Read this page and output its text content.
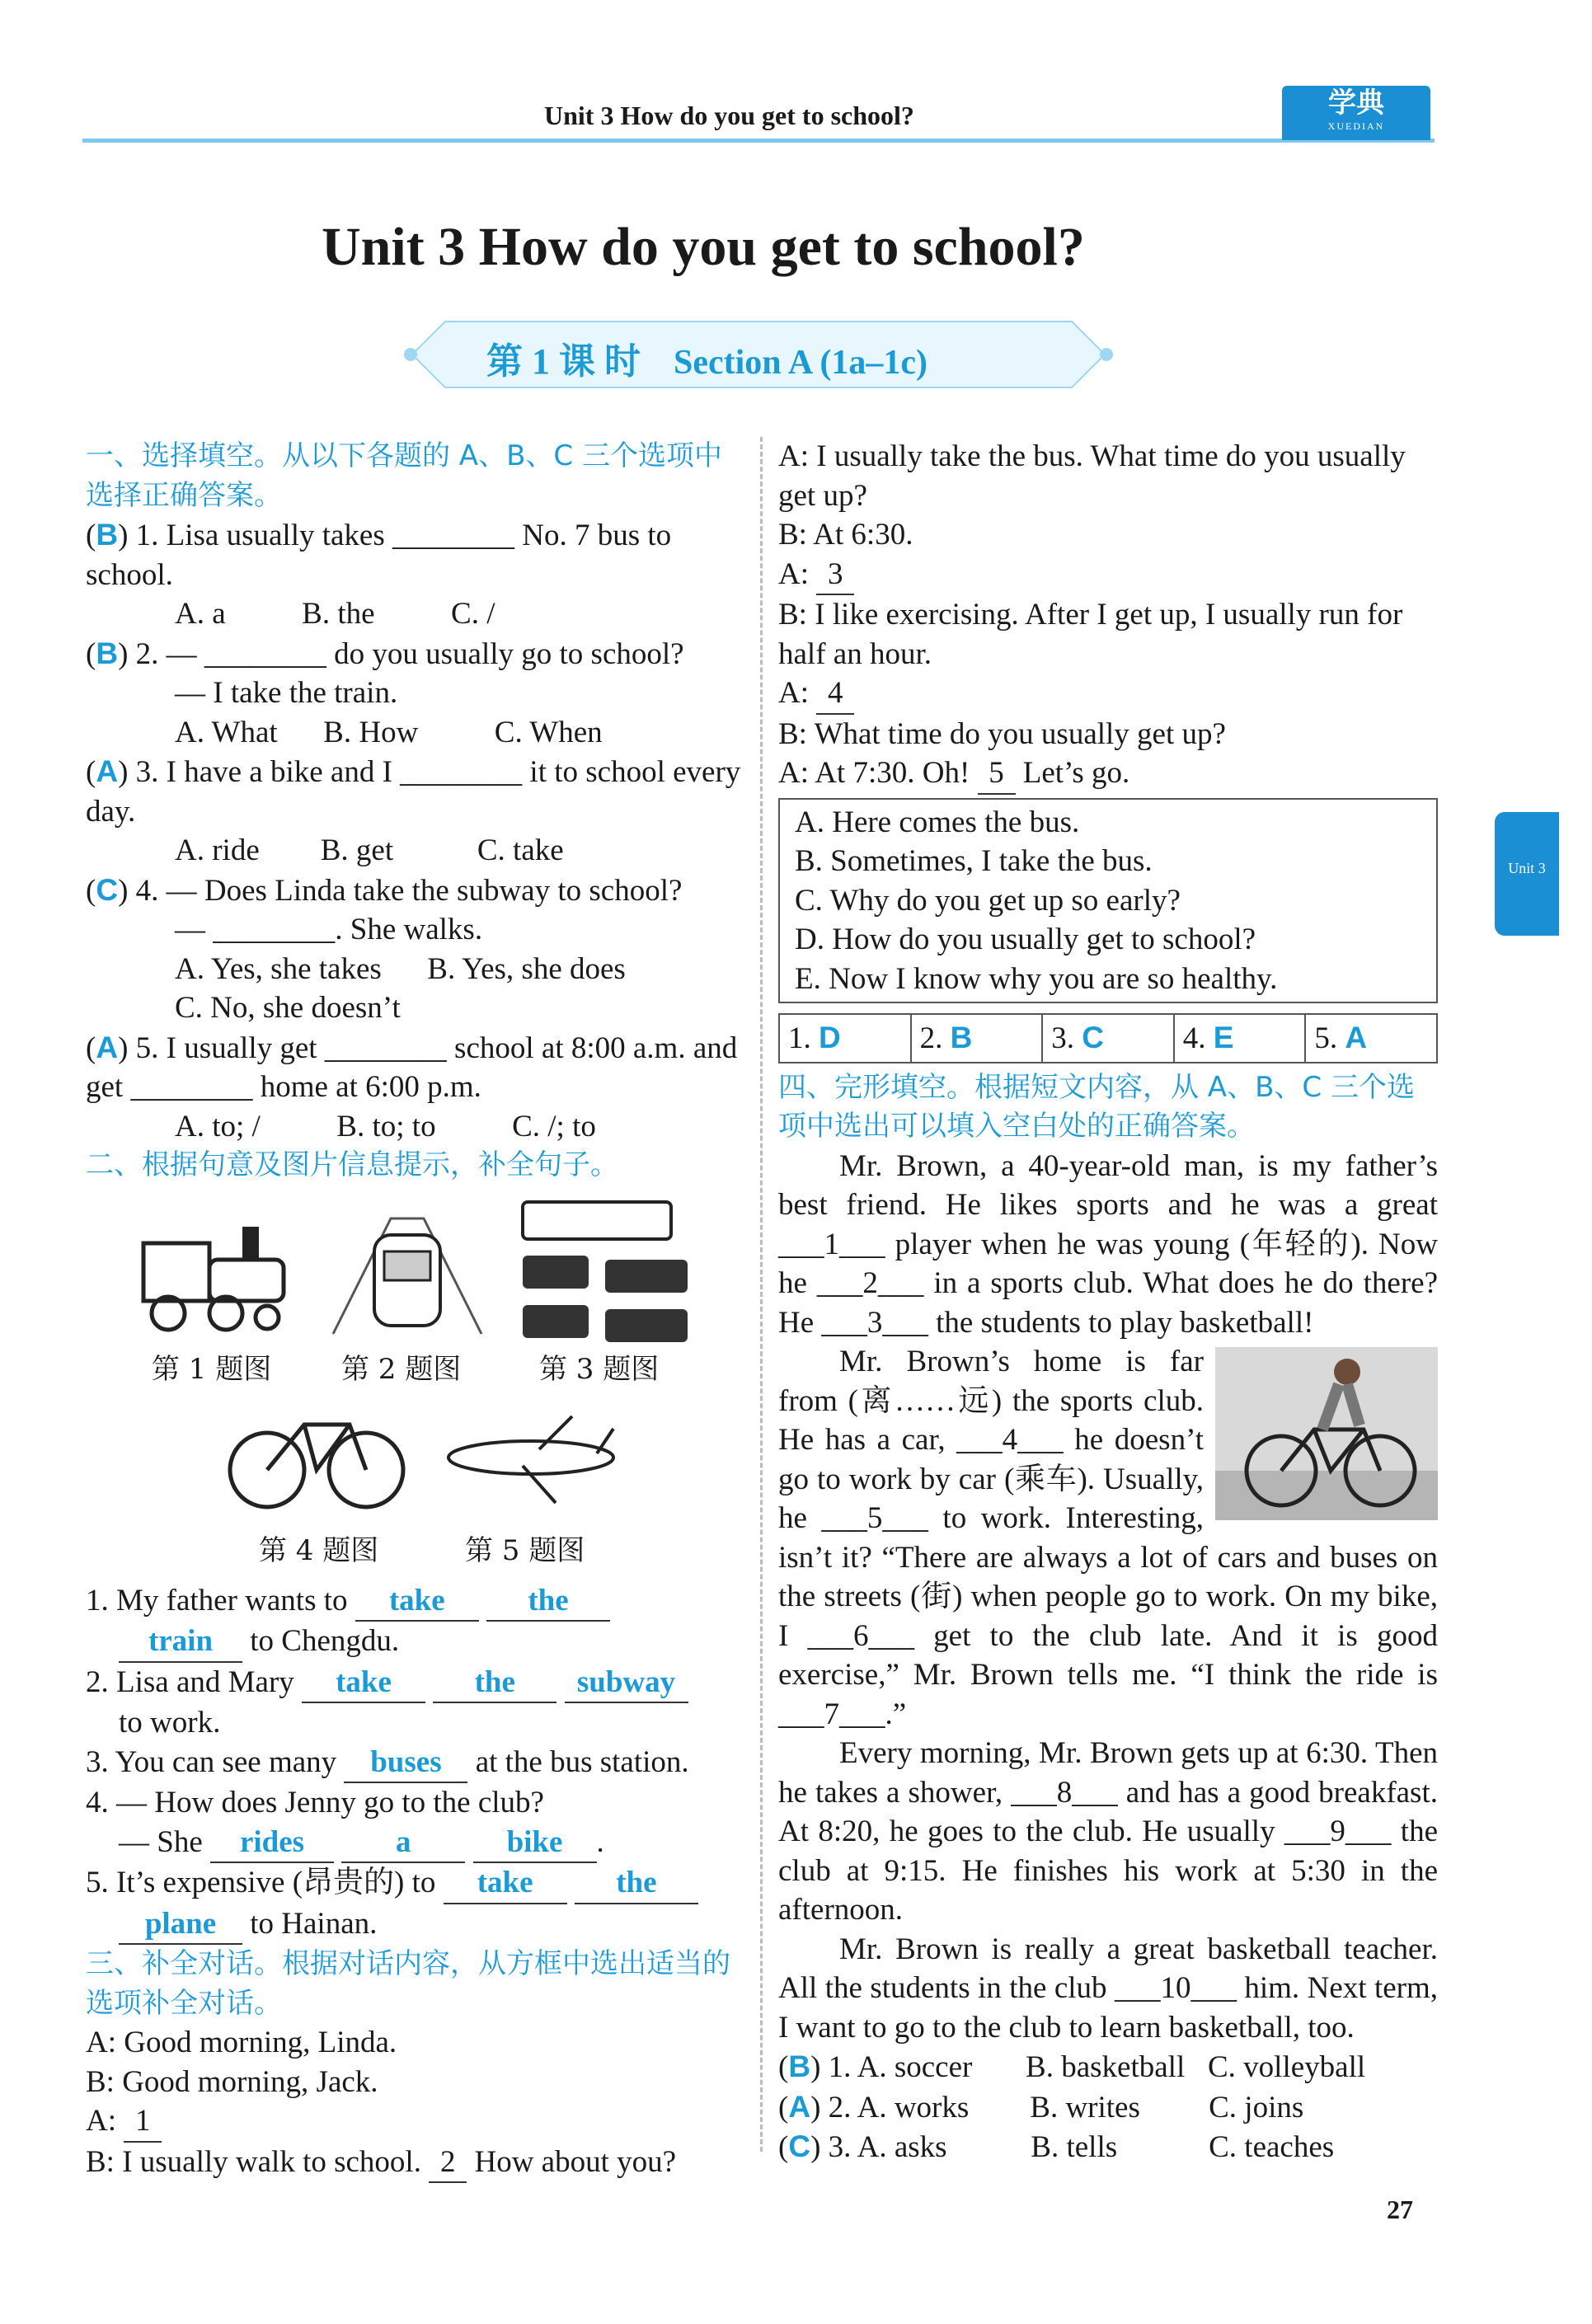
Unit 3 How do you get to school?	学典
XUEDIAN
Unit 3 How do you get to school?
第 1 课 时 Section A (1a–1c)
一、选择填空。从以下各题的 A、B、C 三个选项中选择正确答案。
(B) 1. Lisa usually takes ________ No. 7 bus to school.
A. a          B. the          C. /
(B) 2. — ________ do you usually go to school?
— I take the train.
A. What      B. How          C. When
(A) 3. I have a bike and I ________ it to school every day.
A. ride        B. get           C. take
(C) 4. — Does Linda take the subway to school?
— ________. She walks.
A. Yes, she takes      B. Yes, she does
C. No, she doesn’t
(A) 5. I usually get ________ school at 8:00 a.m. and get ________ home at 6:00 p.m.
A. to; /          B. to; to          C. /; to
二、根据句意及图片信息提示，补全句子。
第 1 题图 第 2 题图	第 3 题图
第 4 题图	第 5 题图
1. My father wants to take	the
train to Chengdu.
2. Lisa and Mary take	the subway
to work.
3. You can see many buses at the bus station.
4. — How does Jenny go to the club?
— She rides	a	bike .
5. It’s expensive (昂贵的) to take	the
plane to Hainan.
三、补全对话。根据对话内容，从方框中选出适当的选项补全对话。
A: Good morning, Linda.
B: Good morning, Jack.
A: 1
B: I usually walk to school. 2 How about you?
A: I usually take the bus. What time do you usually get up?
B: At 6:30.
A: 3
B: I like exercising. After I get up, I usually run for half an hour.
A: 4
B: What time do you usually get up?
A: At 7:30. Oh! 5 Let’s go.
A. Here comes the bus.
B. Sometimes, I take the bus.
C. Why do you get up so early?
D. How do you usually get to school?
E. Now I know why you are so healthy.
1. D	2. B	3. C	4. E	5. A
四、完形填空。根据短文内容，从 A、B、C 三个选项中选出可以填入空白处的正确答案。
Mr. Brown, a 40-year-old man, is my father’s best friend. He likes sports and he was a great ___1___ player when he was young (年轻的). Now he ___2___ in a sports club. What does he do there? He ___3___ the students to play basketball!
Mr. Brown’s home is far from (离……远) the sports club. He has a car, ___4___ he doesn’t go to work by car (乘车). Usually, he ___5___ to work. Interesting, isn’t it? “There are always a lot of cars and buses on the streets (街) when people go to work. On my bike, I ___6___ get to the club late. And it is good exercise,” Mr. Brown tells me. “I think the ride is ___7___.”
Every morning, Mr. Brown gets up at 6:30. Then he takes a shower, ___8___ and has a good breakfast. At 8:20, he goes to the club. He usually ___9___ the club at 9:15. He finishes his work at 5:30 in the afternoon.
Mr. Brown is really a great basketball teacher. All the students in the club ___10___ him. Next term, I want to go to the club to learn basketball, too.
(B) 1. A. soccer       B. basketball   C. volleyball
(A) 2. A. works        B. writes         C. joins
(C) 3. A. asks           B. tells            C. teaches
Unit 3
27
